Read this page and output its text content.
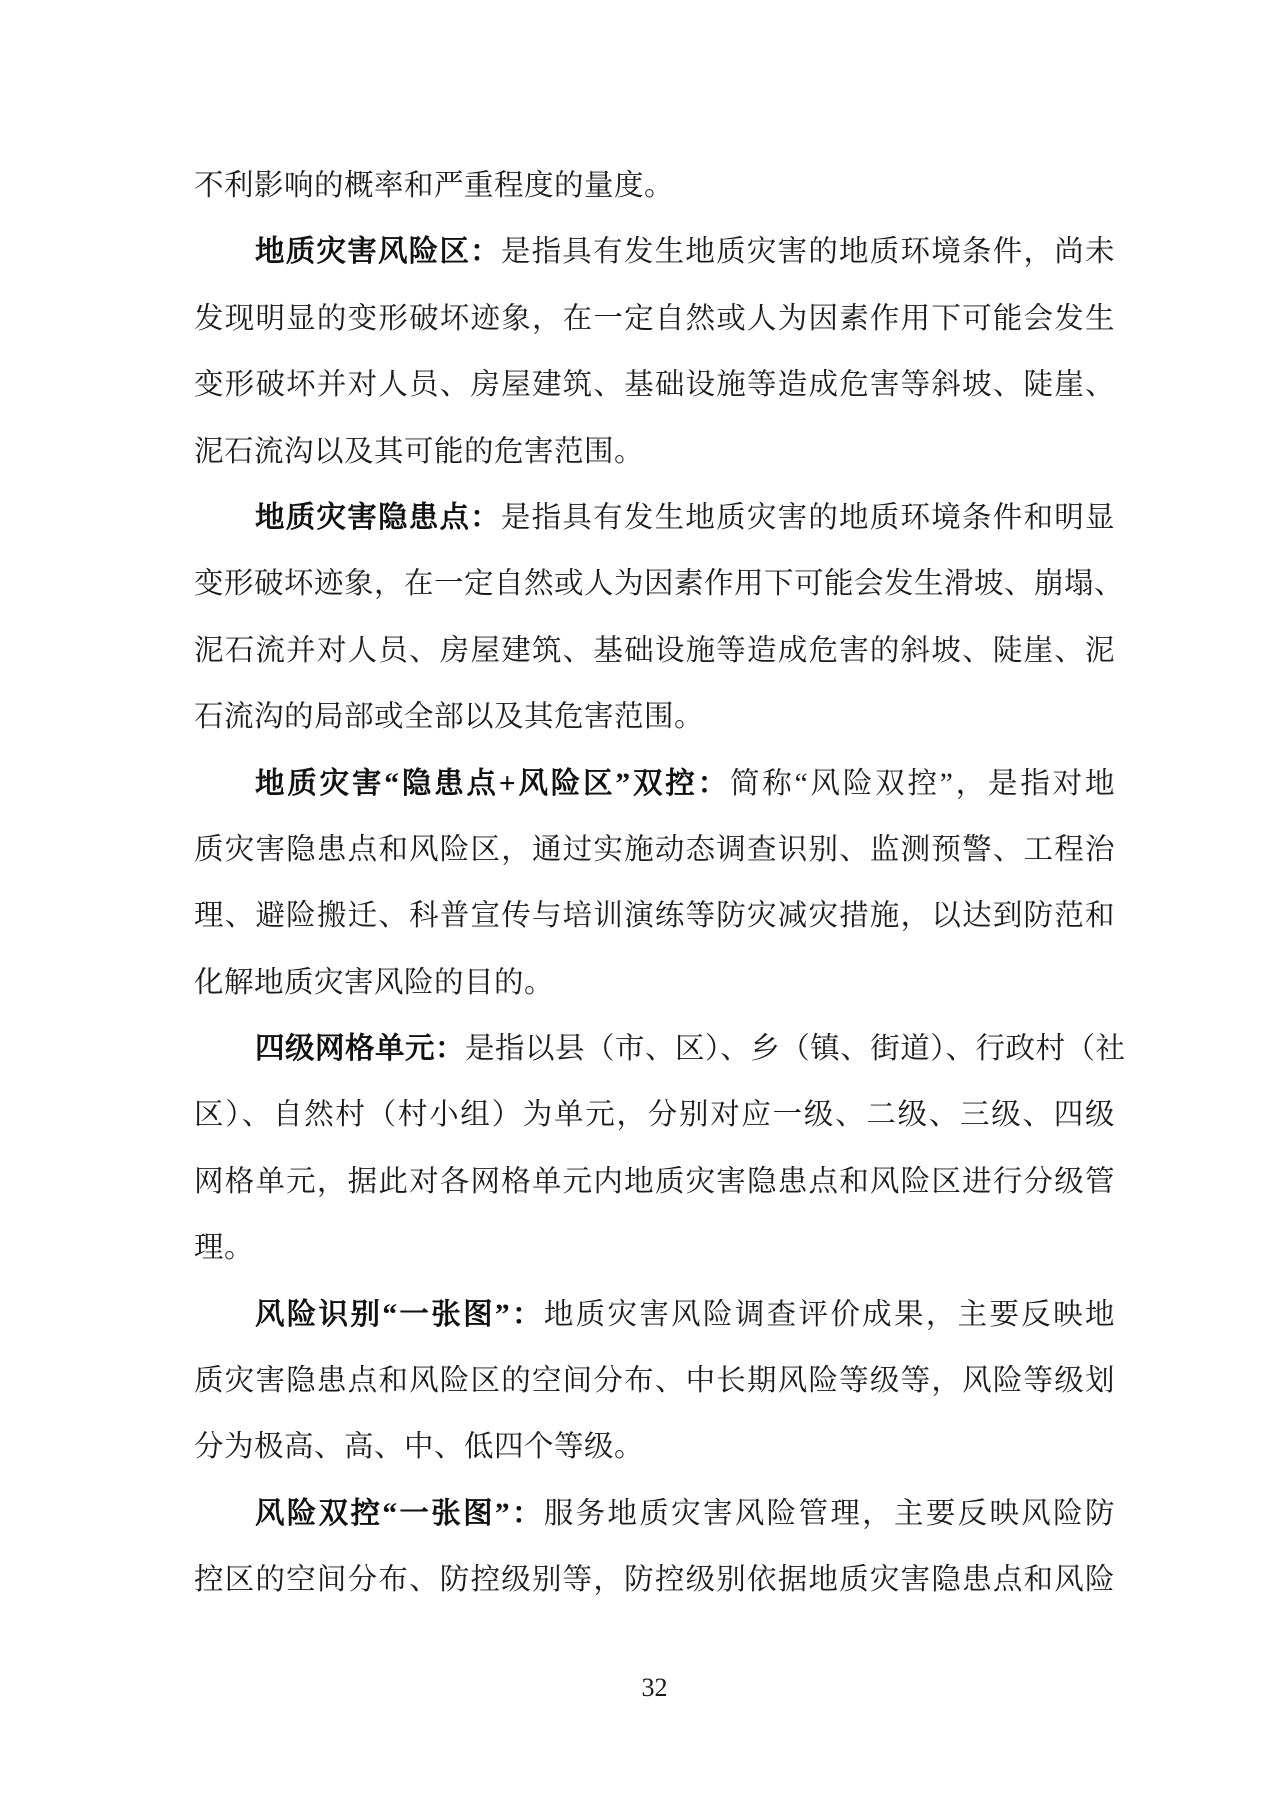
不利影响的概率和严重程度的量度。
地质灾害风险区：是指具有发生地质灾害的地质环境条件，尚未
发现明显的变形破坏迹象，在一定自然或人为因素作用下可能会发生
变形破坏并对人员、房屋建筑、基础设施等造成危害等斜坡、陡崖、
泥石流沟以及其可能的危害范围。
地质灾害隐患点：是指具有发生地质灾害的地质环境条件和明显
变形破坏迹象，在一定自然或人为因素作用下可能会发生滑坡、崩塌、
泥石流并对人员、房屋建筑、基础设施等造成危害的斜坡、陡崖、泥
石流沟的局部或全部以及其危害范围。
地质灾害“隐患点+风险区”双控：简称“风险双控”，是指对地
质灾害隐患点和风险区，通过实施动态调查识别、监测预警、工程治
理、避险搬迁、科普宣传与培训演练等防灾减灾措施，以达到防范和
化解地质灾害风险的目的。
四级网格单元：是指以县（市、区）、乡（镇、街道）、行政村（社
区）、自然村（村小组）为单元，分别对应一级、二级、三级、四级
网格单元，据此对各网格单元内地质灾害隐患点和风险区进行分级管
理。
风险识别“一张图”：地质灾害风险调查评价成果，主要反映地
质灾害隐患点和风险区的空间分布、中长期风险等级等，风险等级划
分为极高、高、中、低四个等级。
风险双控“一张图”：服务地质灾害风险管理，主要反映风险防
控区的空间分布、防控级别等，防控级别依据地质灾害隐患点和风险
32
